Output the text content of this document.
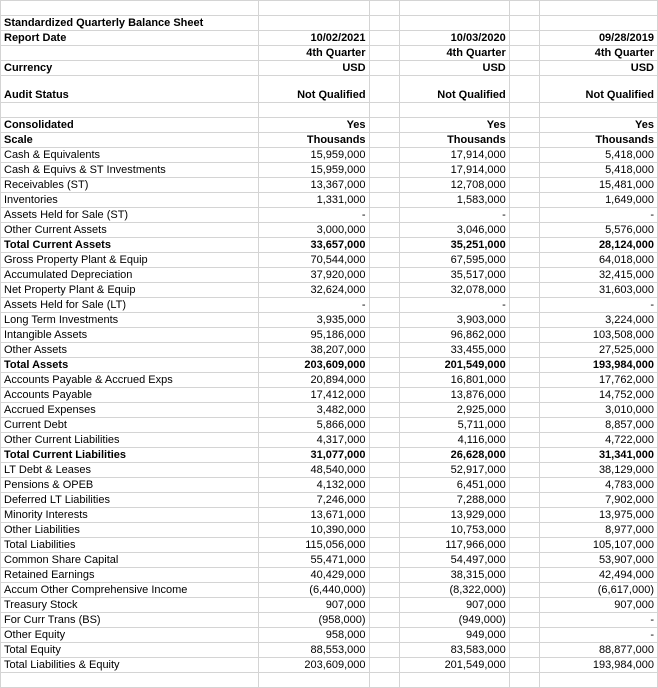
Standardized Quarterly Balance Sheet					
Report Date	10/02/2021		10/03/2020		09/28/2019
	4th Quarter		4th Quarter		4th Quarter
Currency	USD		USD		USD
Audit Status	Not Qualified		Not Qualified		Not Qualified

Consolidated	Yes		Yes		Yes
Scale	Thousands		Thousands		Thousands
Cash & Equivalents	15,959,000		17,914,000		5,418,000
Cash & Equivs & ST Investments	15,959,000		17,914,000		5,418,000
Receivables (ST)	13,367,000		12,708,000		15,481,000
Inventories	1,331,000		1,583,000		1,649,000
Assets Held for Sale (ST)	-		-		-
Other Current Assets	3,000,000		3,046,000		5,576,000
Total Current Assets	33,657,000		35,251,000		28,124,000
Gross Property Plant & Equip	70,544,000		67,595,000		64,018,000
Accumulated Depreciation	37,920,000		35,517,000		32,415,000
Net Property Plant & Equip	32,624,000		32,078,000		31,603,000
Assets Held for Sale (LT)	-		-		-
Long Term Investments	3,935,000		3,903,000		3,224,000
Intangible Assets	95,186,000		96,862,000		103,508,000
Other Assets	38,207,000		33,455,000		27,525,000
Total Assets	203,609,000		201,549,000		193,984,000
Accounts Payable & Accrued Exps	20,894,000		16,801,000		17,762,000
Accounts Payable	17,412,000		13,876,000		14,752,000
Accrued Expenses	3,482,000		2,925,000		3,010,000
Current Debt	5,866,000		5,711,000		8,857,000
Other Current Liabilities	4,317,000		4,116,000		4,722,000
Total Current Liabilities	31,077,000		26,628,000		31,341,000
LT Debt & Leases	48,540,000		52,917,000		38,129,000
Pensions & OPEB	4,132,000		6,451,000		4,783,000
Deferred LT Liabilities	7,246,000		7,288,000		7,902,000
Minority Interests	13,671,000		13,929,000		13,975,000
Other Liabilities	10,390,000		10,753,000		8,977,000
Total Liabilities	115,056,000		117,966,000		105,107,000
Common Share Capital	55,471,000		54,497,000		53,907,000
Retained Earnings	40,429,000		38,315,000		42,494,000
Accum Other Comprehensive Income	(6,440,000)		(8,322,000)		(6,617,000)
Treasury Stock	907,000		907,000		907,000
For Curr Trans (BS)	(958,000)		(949,000)		-
Other Equity	958,000		949,000		-
Total Equity	88,553,000		83,583,000		88,877,000
Total Liabilities & Equity	203,609,000		201,549,000		193,984,000
